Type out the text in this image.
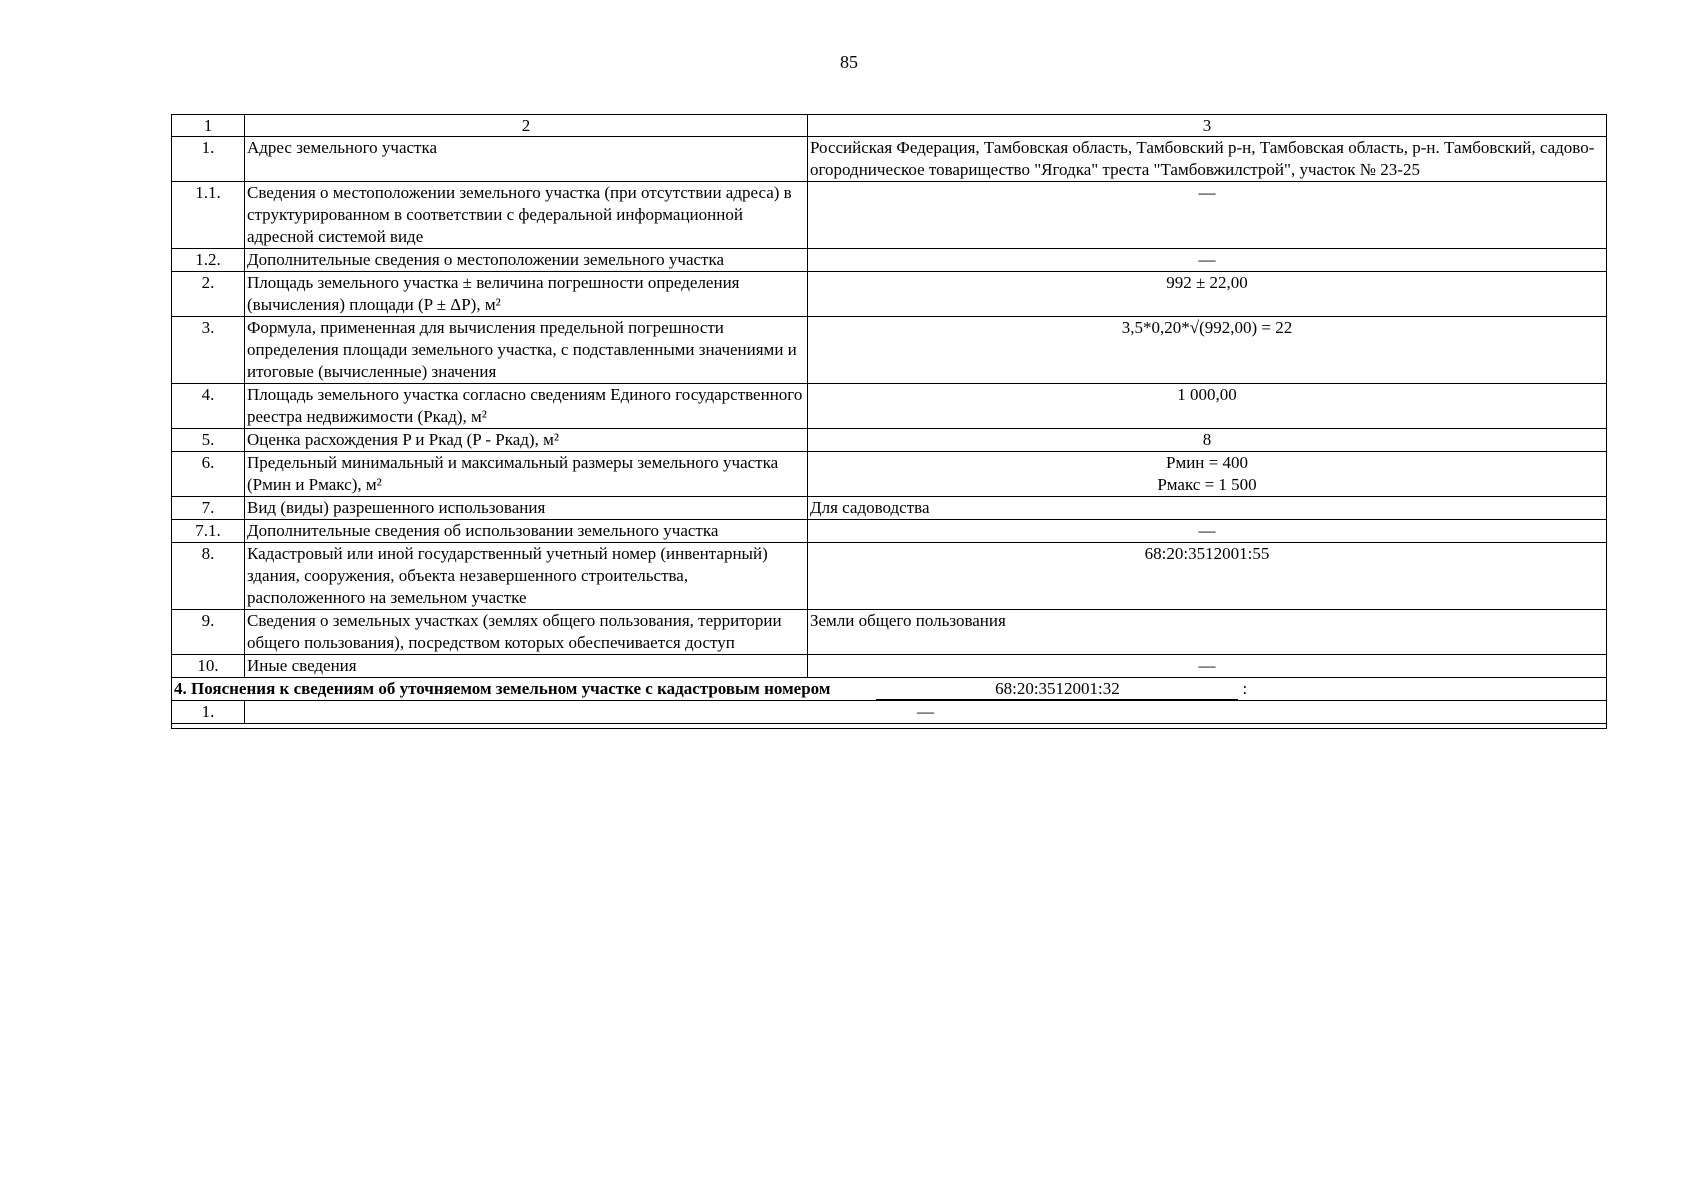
85
1	2	3
1.	Адрес земельного участка	Российская Федерация, Тамбовская область, Тамбовский р-н, Тамбовская область, р-н. Тамбовский, садово-огородническое товарищество "Ягодка" треста "Тамбовжилстрой", участок № 23-25
1.1.	Сведения о местоположении земельного участка (при отсутствии адреса) в структурированном в соответствии с федеральной информационной адресной системой виде	—
1.2.	Дополнительные сведения о местоположении земельного участка	—
2.	Площадь земельного участка ± величина погрешности определения (вычисления) площади (P ± ΔP), м²	992 ± 22,00
3.	Формула, примененная для вычисления предельной погрешности определения площади земельного участка, с подставленными значениями и итоговые (вычисленные) значения	3,5*0,20*√(992,00) = 22
4.	Площадь земельного участка согласно сведениям Единого государственного реестра недвижимости (Ркад), м²	1 000,00
5.	Оценка расхождения P и Ркад (P - Ркад), м²	8
6.	Предельный минимальный и максимальный размеры земельного участка (Рмин и Рмакс), м²	Рмин = 400
Рмакс = 1 500

7.	Вид (виды) разрешенного использования	Для садоводства
7.1.	Дополнительные сведения об использовании земельного участка	—
8.	Кадастровый или иной государственный учетный номер (инвентарный) здания, сооружения, объекта незавершенного строительства, расположенного на земельном участке	68:20:3512001:55
9.	Сведения о земельных участках (землях общего пользования, территории общего пользования), посредством которых обеспечивается доступ	Земли общего пользования
10.	Иные сведения	—
4. Пояснения к сведениям об уточняемом земельном участке с кадастровым номером 68:20:3512001:32 :		
1.	—	
